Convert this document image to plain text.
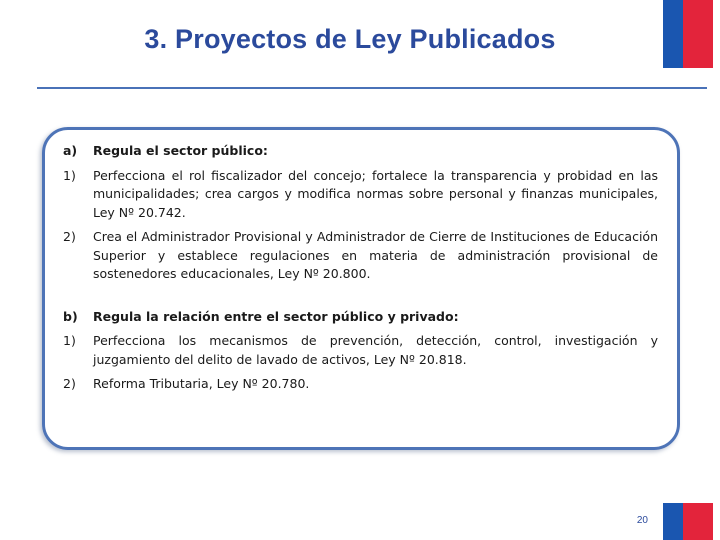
3. Proyectos de Ley Publicados
a)	Regula el sector público:
1)	Perfecciona el rol fiscalizador del concejo; fortalece la transparencia y probidad en las municipalidades; crea cargos y modifica normas sobre personal y finanzas municipales, Ley Nº 20.742.
2)	Crea el Administrador Provisional y Administrador de Cierre de Instituciones de Educación Superior y establece regulaciones en materia de administración provisional de sostenedores educacionales, Ley Nº 20.800.
b)	Regula la relación entre el sector público y privado:
1)	Perfecciona los mecanismos de prevención, detección, control, investigación y juzgamiento del delito de lavado de activos, Ley Nº 20.818.
2)	Reforma Tributaria, Ley Nº 20.780.
20
